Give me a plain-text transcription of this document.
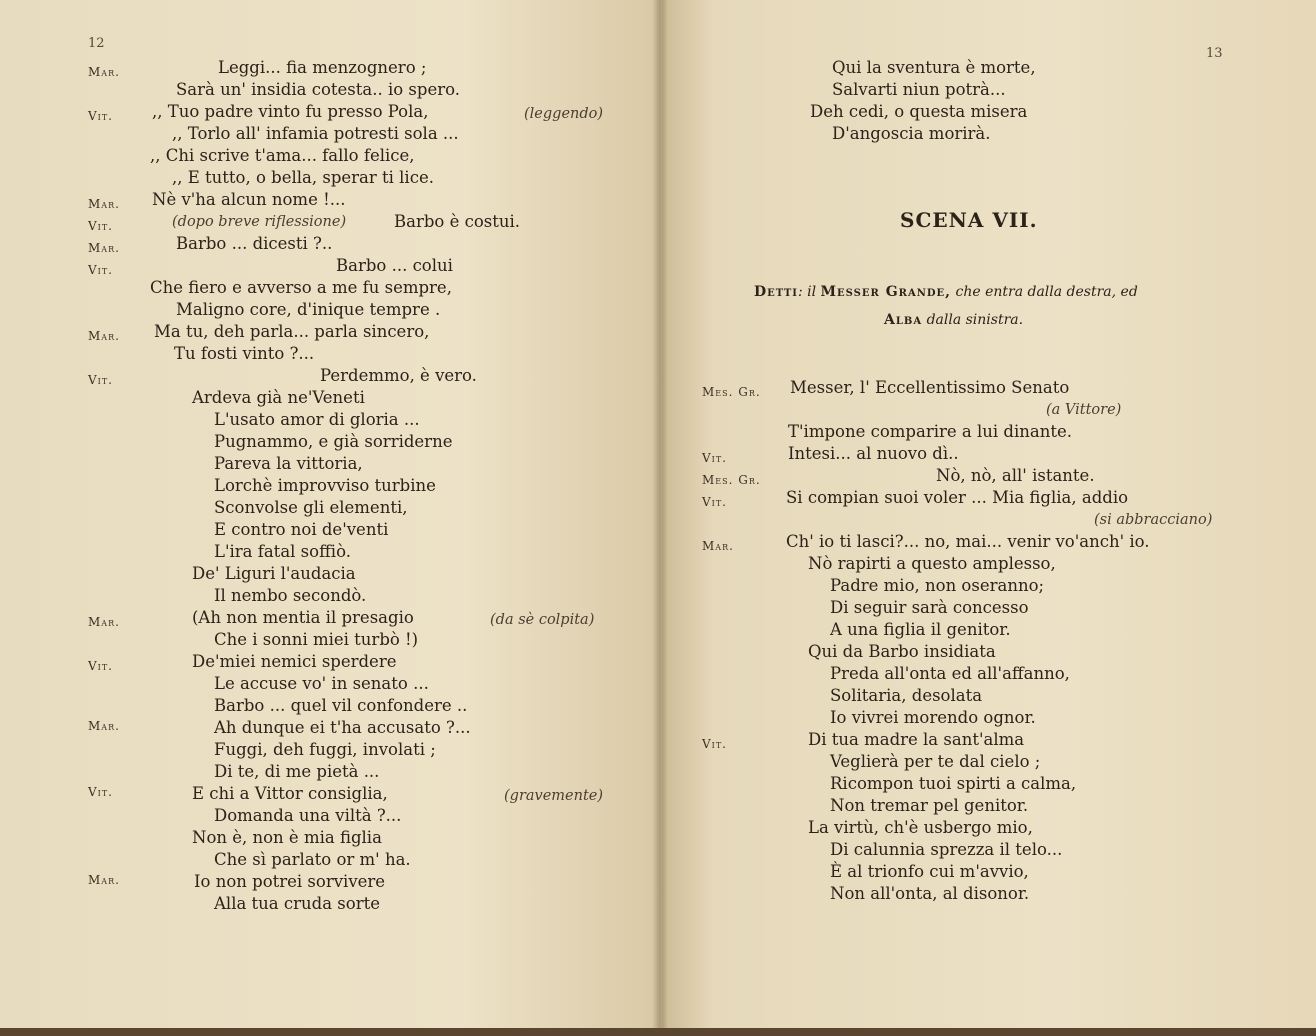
12
Mar.
Vit.
Mar.
Vit.
Mar.
Vit.
Mar.
Vit.
Mar.
Vit.
Mar.
Vit.
Mar.
Leggi... fia menzognero ;
Sarà un' insidia cotesta.. io spero.
,, Tuo padre vinto fu presso Pola,
,, Torlo all' infamia potresti sola ...
,, Chi scrive t'ama... fallo felice,
,, E tutto, o bella, sperar ti lice.
Nè v'ha alcun nome !...
Barbo è costui.
Barbo ... dicesti ?..
Barbo ... colui
Che fiero e avverso a me fu sempre,
Maligno core, d'inique tempre .
Ma tu, deh parla... parla sincero,
Tu fosti vinto ?...
Perdemmo, è vero.
Ardeva già ne'Veneti
L'usato amor di gloria ...
Pugnammo, e già sorriderne
Pareva la vittoria,
Lorchè improvviso turbine
Sconvolse gli elementi,
E contro noi de'venti
L'ira fatal soffiò.
De' Liguri l'audacia
Il nembo secondò.
(Ah non mentia il presagio
Che i sonni miei turbò !)
De'miei nemici sperdere
Le accuse vo' in senato ...
Barbo ... quel vil confondere ..
Ah dunque ei t'ha accusato ?...
Fuggi, deh fuggi, involati ;
Di te, di me pietà ...
E chi a Vittor consiglia,
Domanda una viltà ?...
Non è, non è mia figlia
Che sì parlato or m' ha.
Io non potrei sorvivere
Alla tua cruda sorte
(leggendo)
(dopo breve riflessione)
(da sè colpita)
(gravemente)
13
SCENA VII.
Detti: il Messer Grande, che entra dalla destra, ed
Alba dalla sinistra.
Qui la sventura è morte,
Salvarti niun potrà...
Deh cedi, o questa misera
D'angoscia morirà.
Mes. Gr.
Vit.
Mes. Gr.
Vit.
Mar.
Vit.
Messer, l' Eccellentissimo Senato
T'impone comparire a lui dinante.
Intesi... al nuovo dì..
Nò, nò, all' istante.
Si compian suoi voler ... Mia figlia, addio
Ch' io ti lasci?... no, mai... venir vo'anch' io.
Nò rapirti a questo amplesso,
Padre mio, non oseranno;
Di seguir sarà concesso
A una figlia il genitor.
Qui da Barbo insidiata
Preda all'onta ed all'affanno,
Solitaria, desolata
Io vivrei morendo ognor.
Di tua madre la sant'alma
Veglierà per te dal cielo ;
Ricompon tuoi spirti a calma,
Non tremar pel genitor.
La virtù, ch'è usbergo mio,
Di calunnia sprezza il telo...
È al trionfo cui m'avvio,
Non all'onta, al disonor.
(a Vittore)
(si abbracciano)
